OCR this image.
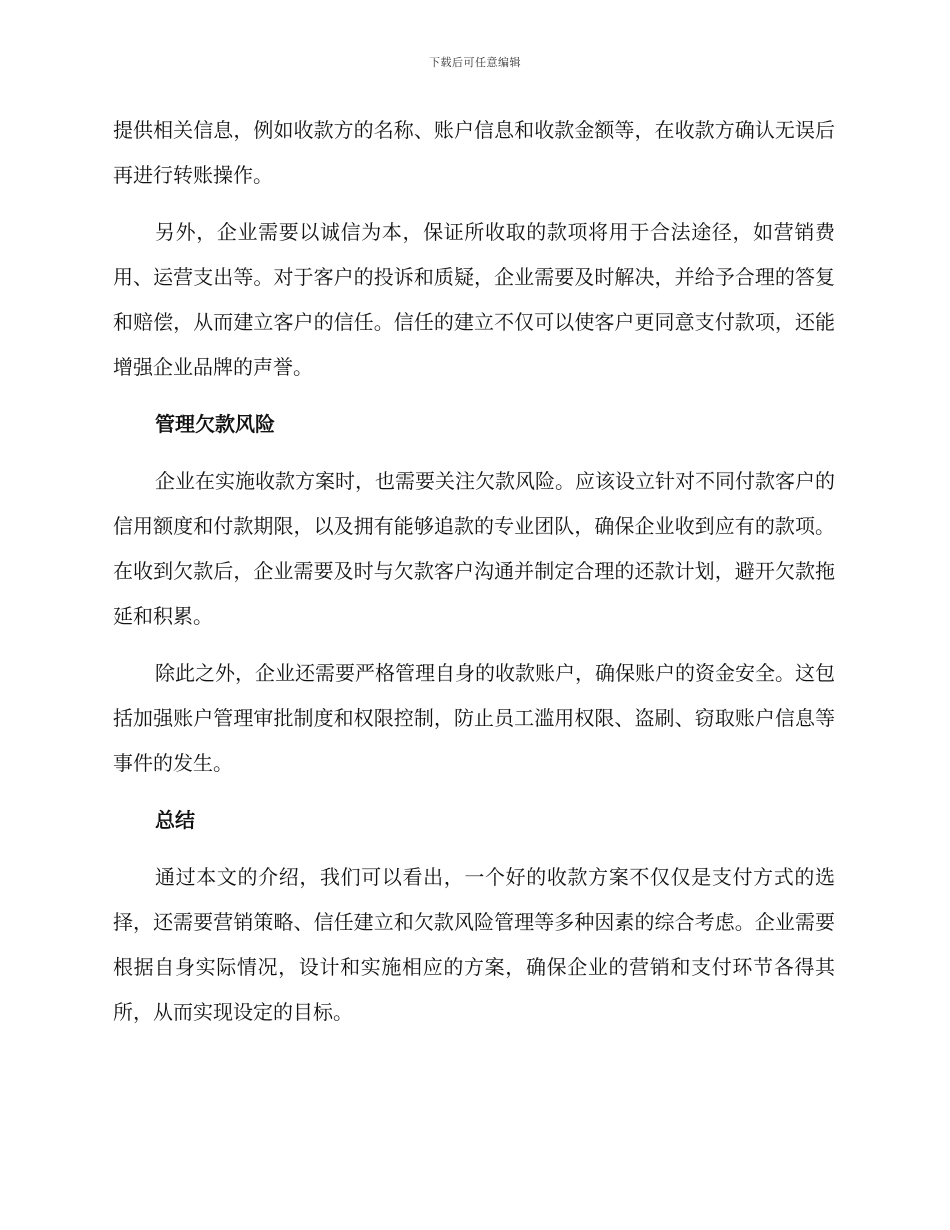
下载后可任意编辑

提供相关信息，例如收款方的名称、账户信息和收款金额等，在收款方确认无误后再进行转账操作。

另外，企业需要以诚信为本，保证所收取的款项将用于合法途径，如营销费用、运营支出等。对于客户的投诉和质疑，企业需要及时解决，并给予合理的答复和赔偿，从而建立客户的信任。信任的建立不仅可以使客户更同意支付款项，还能增强企业品牌的声誉。

管理欠款风险

企业在实施收款方案时，也需要关注欠款风险。应该设立针对不同付款客户的信用额度和付款期限，以及拥有能够追款的专业团队，确保企业收到应有的款项。在收到欠款后，企业需要及时与欠款客户沟通并制定合理的还款计划，避开欠款拖延和积累。

除此之外，企业还需要严格管理自身的收款账户，确保账户的资金安全。这包括加强账户管理审批制度和权限控制，防止员工滥用权限、盗刷、窃取账户信息等事件的发生。

总结

通过本文的介绍，我们可以看出，一个好的收款方案不仅仅是支付方式的选择，还需要营销策略、信任建立和欠款风险管理等多种因素的综合考虑。企业需要根据自身实际情况，设计和实施相应的方案，确保企业的营销和支付环节各得其所，从而实现设定的目标。
